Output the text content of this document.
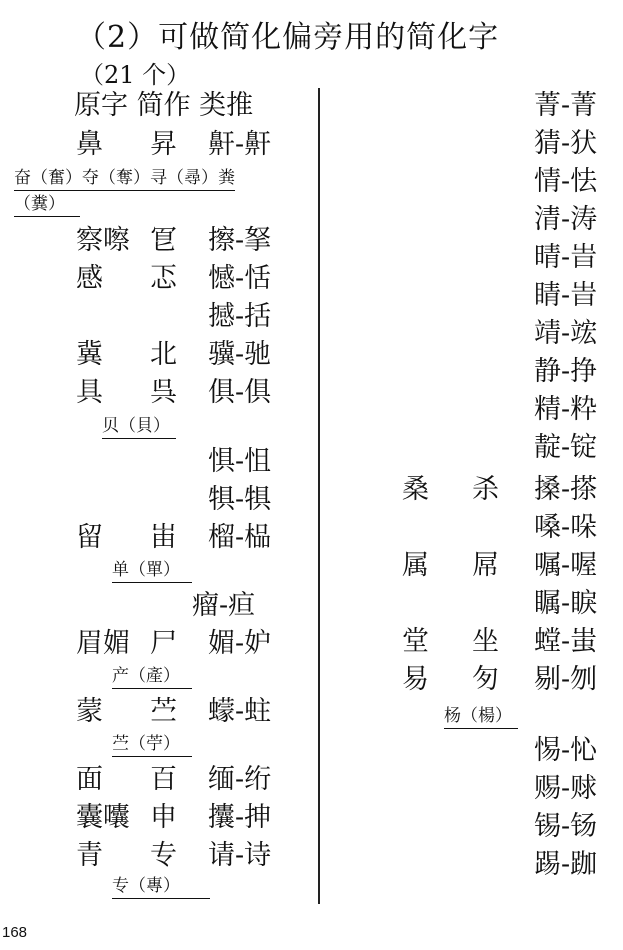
（2）可做简化偏旁用的简化字
（21 个）
原字 简作 类推
鼻 昇 鼾-鼾
奋（奮）夺（奪）寻（尋）粪
（糞）
察嚓 冟 擦-拏
感 忑 憾-恬
撼-括
冀 北 骥-驰
具 呉 俱-俱
贝（貝）
惧-怚
犋-犋
留 峀 榴-榀
单（單）
瘤-疸
眉媚 尸 媚-妒
产（產）
蒙 苎 蠓-蛀
苎（苧）
面 百 缅-绗
囊囔 申 攮-抻
青 专 请-诗
专（專）
菁-菁
猜-犾
情-怯
清-涛
晴-旹
睛-旹
靖-竤
静-挣
精-粋
靛-锭
桑 杀 搡-搽
嗓-哚
属 屌 嘱-喔
瞩-睙
堂 坐 螳-蚩
易 匇 剔-刎
杨（楊）
惕-㤈
赐-赇
锡-钖
踢-跏
168
